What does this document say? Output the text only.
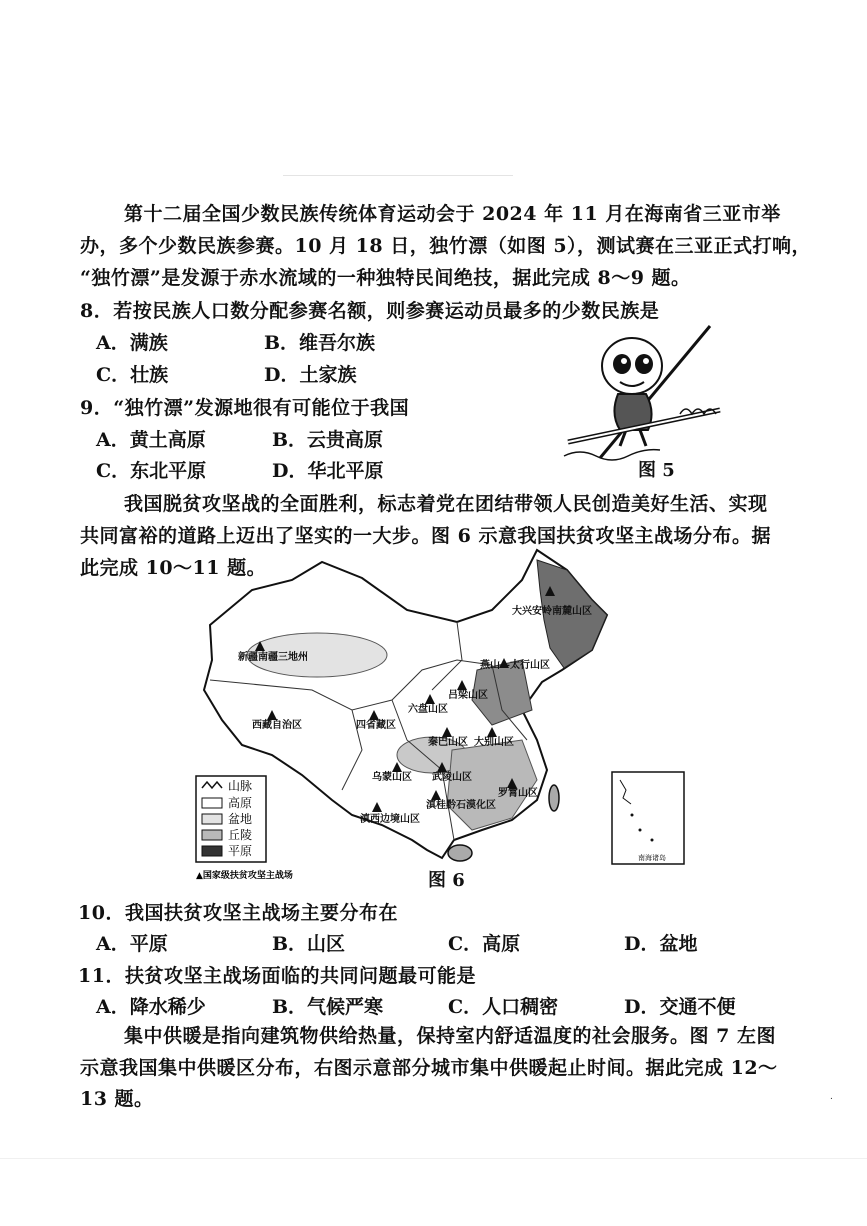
第十二届全国少数民族传统体育运动会于 2024 年 11 月在海南省三亚市举
办，多个少数民族参赛。10 月 18 日，独竹漂（如图 5），测试赛在三亚正式打响，
“独竹漂”是发源于赤水流域的一种独特民间绝技，据此完成 8～9 题。
8．若按民族人口数分配参赛名额，则参赛运动员最多的少数民族是
A．满族	B．维吾尔族
C．壮族	D．土家族
9．“独竹漂”发源地很有可能位于我国
A．黄土高原	B．云贵高原
C．东北平原	D．华北平原	图 5
我国脱贫攻坚战的全面胜利，标志着党在团结带领人民创造美好生活、实现
共同富裕的道路上迈出了坚实的一大步。图 6 示意我国扶贫攻坚主战场分布。据
此完成 10～11 题。
大兴安岭南麓山区
燕山—太行山区
新疆南疆三地州
吕梁山区
六盘山区
西藏自治区	四省藏区
秦巴山区 大别山区
乌蒙山区 武陵山区
罗霄山区
滇西边境山区
滇桂黔石漠化区
山脉
高原
盆地
丘陵
平原
▲国家级扶贫攻坚主战场
南海诸岛
图 6
10．我国扶贫攻坚主战场主要分布在
A．平原	B．山区	C．高原	D．盆地
11．扶贫攻坚主战场面临的共同问题最可能是
A．降水稀少	B．气候严寒	C．人口稠密	D．交通不便
集中供暖是指向建筑物供给热量，保持室内舒适温度的社会服务。图 7 左图
示意我国集中供暖区分布，右图示意部分城市集中供暖起止时间。据此完成 12～
13 题。	.
